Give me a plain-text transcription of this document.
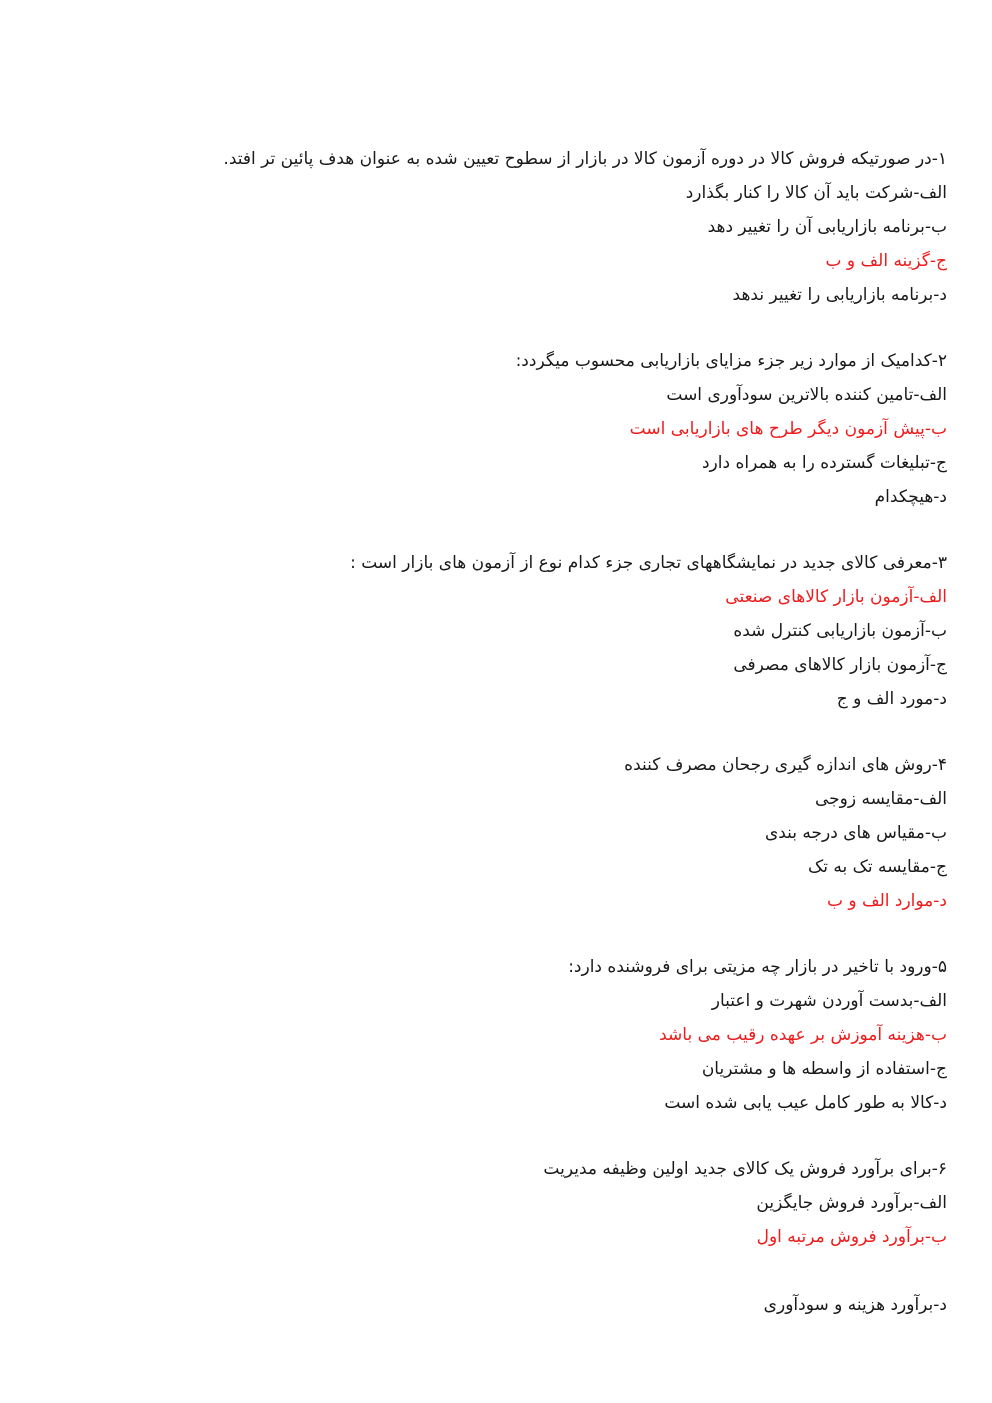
۱-در صورتیکه فروش کالا در دوره آزمون کالا در بازار از سطوح تعیین شده به عنوان هدف پائین تر افتد.
الف-شرکت باید آن کالا را کنار بگذارد
ب-برنامه بازاریابی آن را تغییر دهد
ج-گزینه الف و ب
د-برنامه بازاریابی را تغییر ندهد
۲-کدامیک از موارد زیر جزء مزایای بازاریابی محسوب میگردد:
الف-تامین کننده بالاترین سودآوری است
ب-پیش آزمون دیگر طرح های بازاریابی است
ج-تبلیغات گسترده را به همراه دارد
د-هیچکدام
۳-معرفی کالای جدید در نمایشگاههای تجاری جزء کدام نوع از آزمون های بازار است :
الف-آزمون بازار کالاهای صنعتی
ب-آزمون بازاریابی کنترل شده
ج-آزمون بازار کالاهای مصرفی
د-مورد الف و ج
۴-روش های اندازه گیری رجحان مصرف کننده
الف-مقایسه زوجی
ب-مقیاس های درجه بندی
ج-مقایسه تک به تک
د-موارد الف و ب
۵-ورود با تاخیر در بازار چه مزیتی برای فروشنده دارد:
الف-بدست آوردن شهرت و اعتبار
ب-هزینه آموزش بر عهده رقیب می باشد
ج-استفاده از واسطه ها و مشتریان
د-کالا به طور کامل عیب یابی شده است
۶-برای برآورد فروش یک کالای جدید اولین وظیفه مدیریت
الف-برآورد فروش جایگزین
ب-برآورد فروش مرتبه اول
د-برآورد هزینه و سودآوری
